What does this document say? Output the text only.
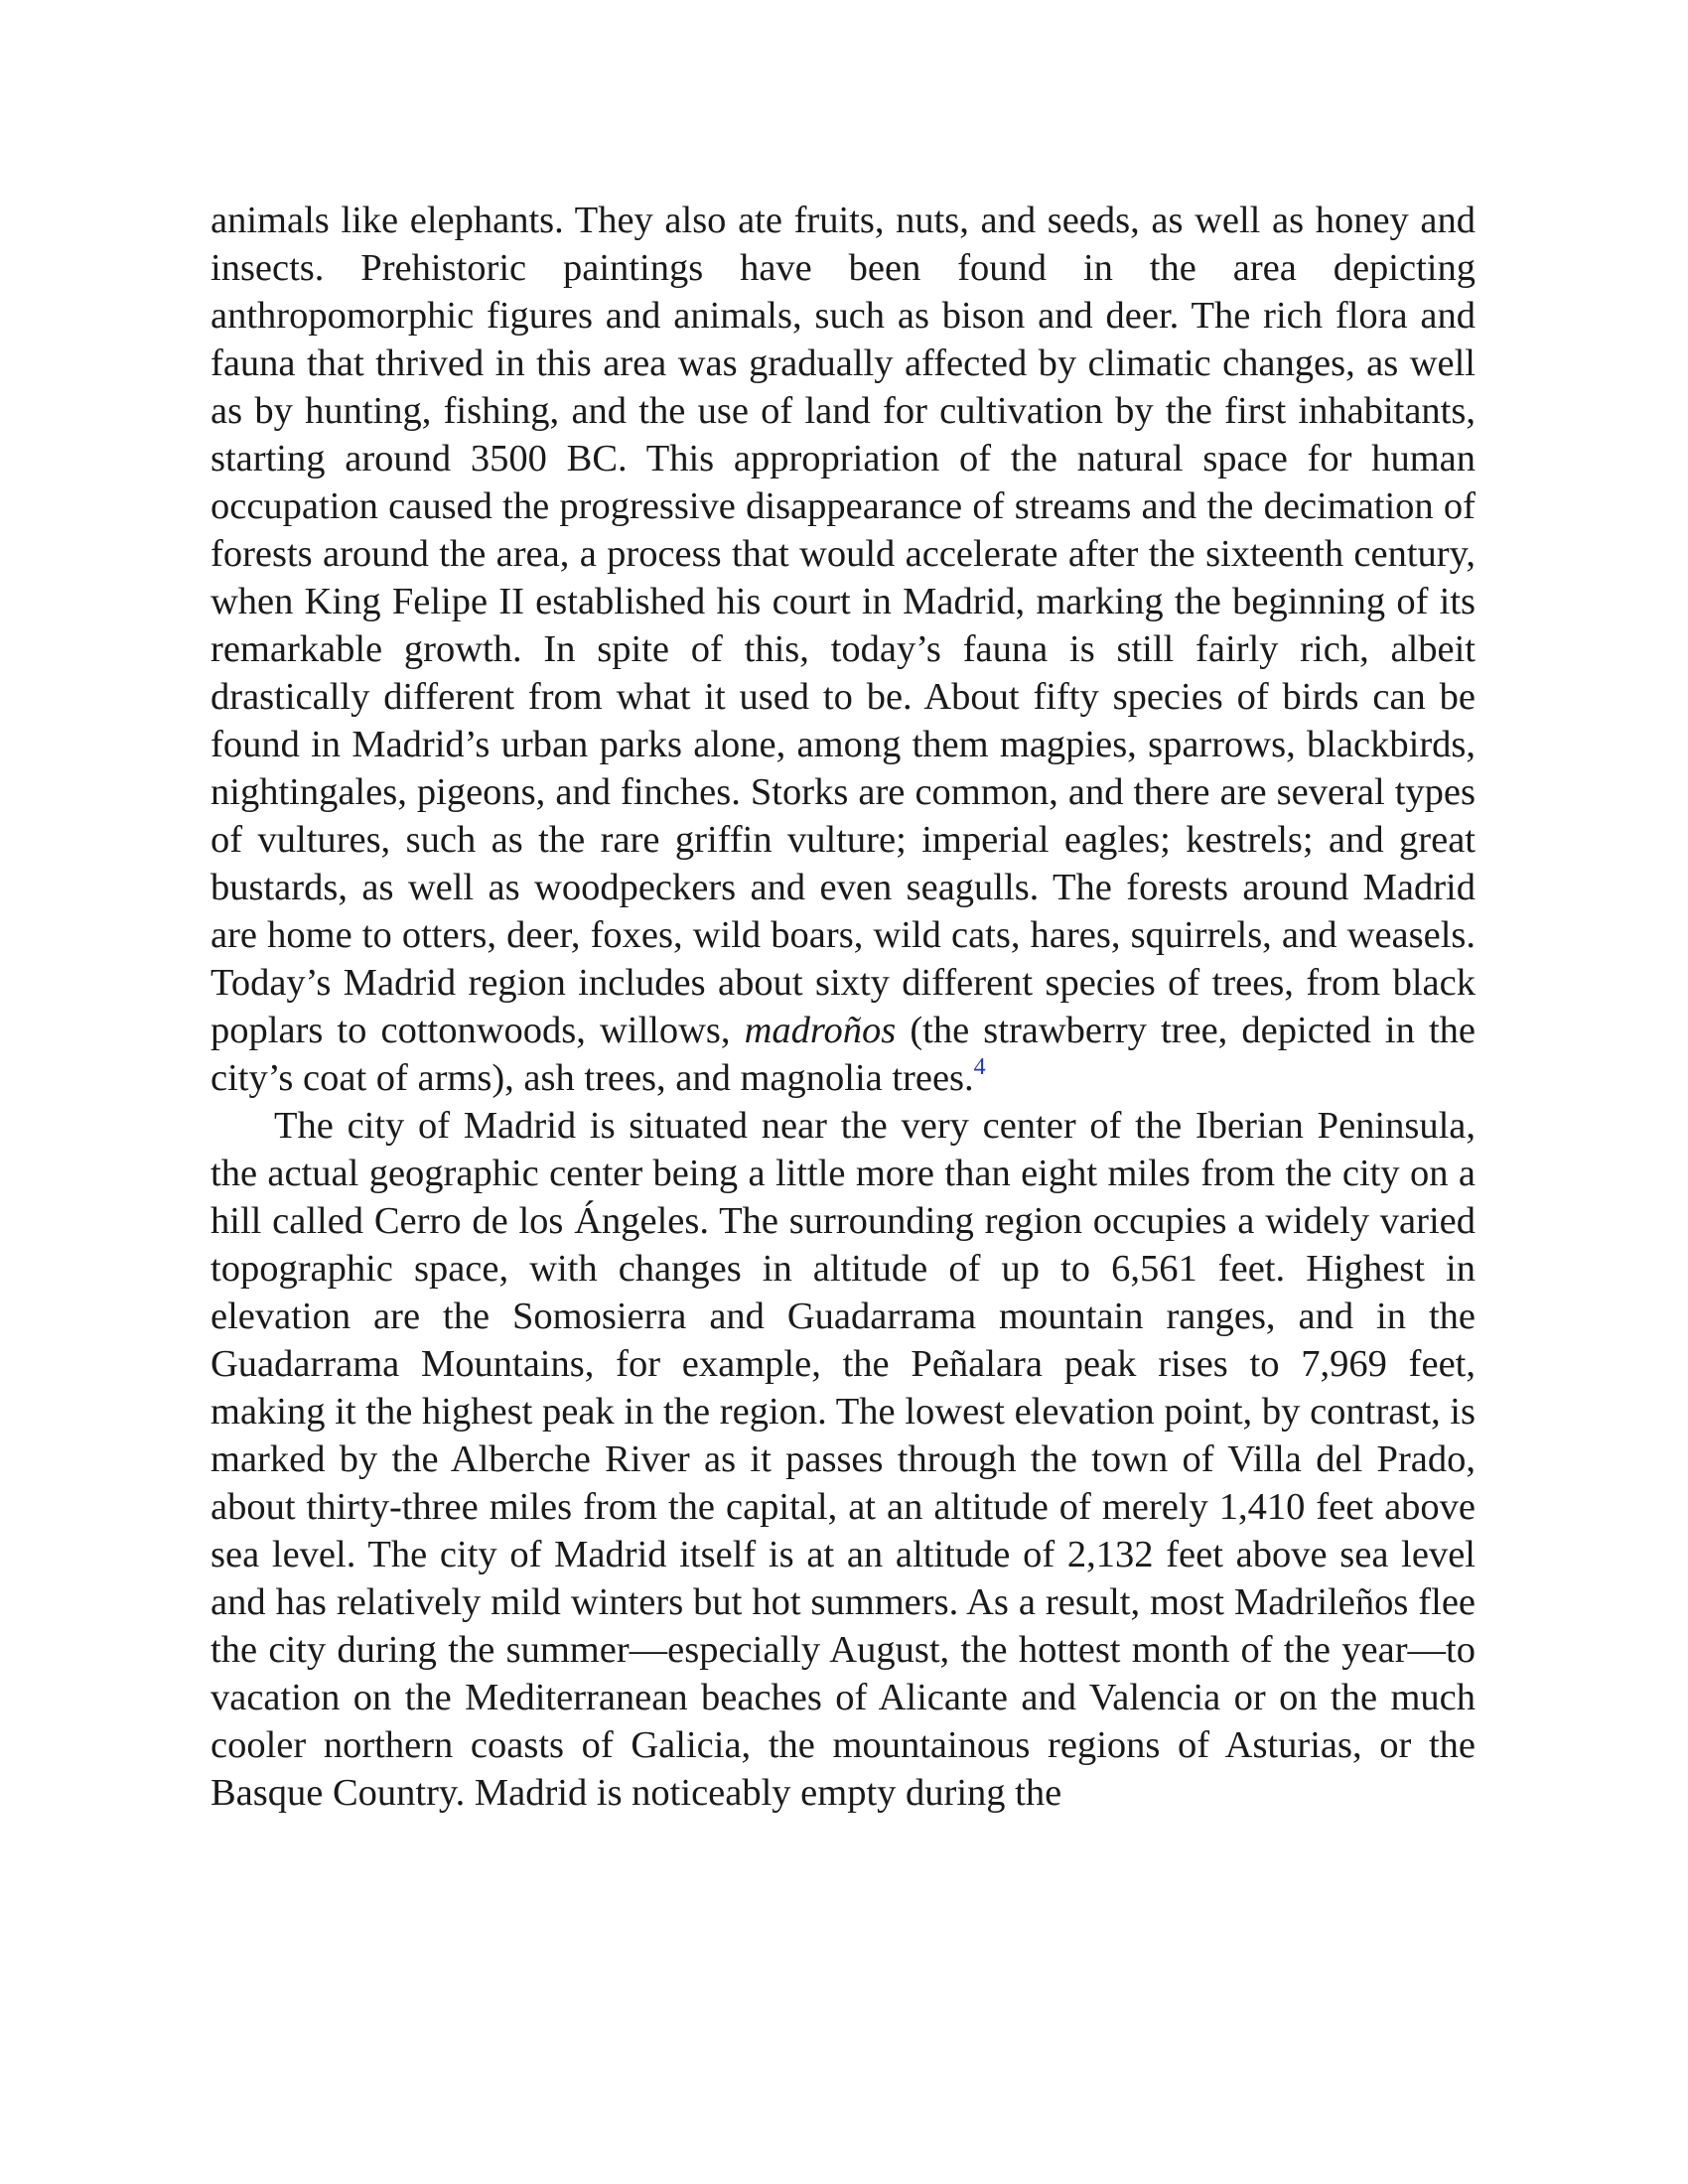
animals like elephants. They also ate fruits, nuts, and seeds, as well as honey and insects. Prehistoric paintings have been found in the area depicting anthropomorphic figures and animals, such as bison and deer. The rich flora and fauna that thrived in this area was gradually affected by climatic changes, as well as by hunting, fishing, and the use of land for cultivation by the first inhabitants, starting around 3500 BC. This appropriation of the natural space for human occupation caused the progressive disappearance of streams and the decimation of forests around the area, a process that would accelerate after the sixteenth century, when King Felipe II established his court in Madrid, marking the beginning of its remarkable growth. In spite of this, today’s fauna is still fairly rich, albeit drastically different from what it used to be. About fifty species of birds can be found in Madrid’s urban parks alone, among them magpies, sparrows, blackbirds, nightingales, pigeons, and finches. Storks are common, and there are several types of vultures, such as the rare griffin vulture; imperial eagles; kestrels; and great bustards, as well as woodpeckers and even seagulls. The forests around Madrid are home to otters, deer, foxes, wild boars, wild cats, hares, squirrels, and weasels. Today’s Madrid region includes about sixty different species of trees, from black poplars to cottonwoods, willows, madroños (the strawberry tree, depicted in the city’s coat of arms), ash trees, and magnolia trees.$^4$

The city of Madrid is situated near the very center of the Iberian Peninsula, the actual geographic center being a little more than eight miles from the city on a hill called Cerro de los Ángeles. The surrounding region occupies a widely varied topographic space, with changes in altitude of up to 6,561 feet. Highest in elevation are the Somosierra and Guadarrama mountain ranges, and in the Guadarrama Mountains, for example, the Peñalara peak rises to 7,969 feet, making it the highest peak in the region. The lowest elevation point, by contrast, is marked by the Alberche River as it passes through the town of Villa del Prado, about thirty-three miles from the capital, at an altitude of merely 1,410 feet above sea level. The city of Madrid itself is at an altitude of 2,132 feet above sea level and has relatively mild winters but hot summers. As a result, most Madrileños flee the city during the summer—especially August, the hottest month of the year—to vacation on the Mediterranean beaches of Alicante and Valencia or on the much cooler northern coasts of Galicia, the mountainous regions of Asturias, or the Basque Country. Madrid is noticeably empty during the
